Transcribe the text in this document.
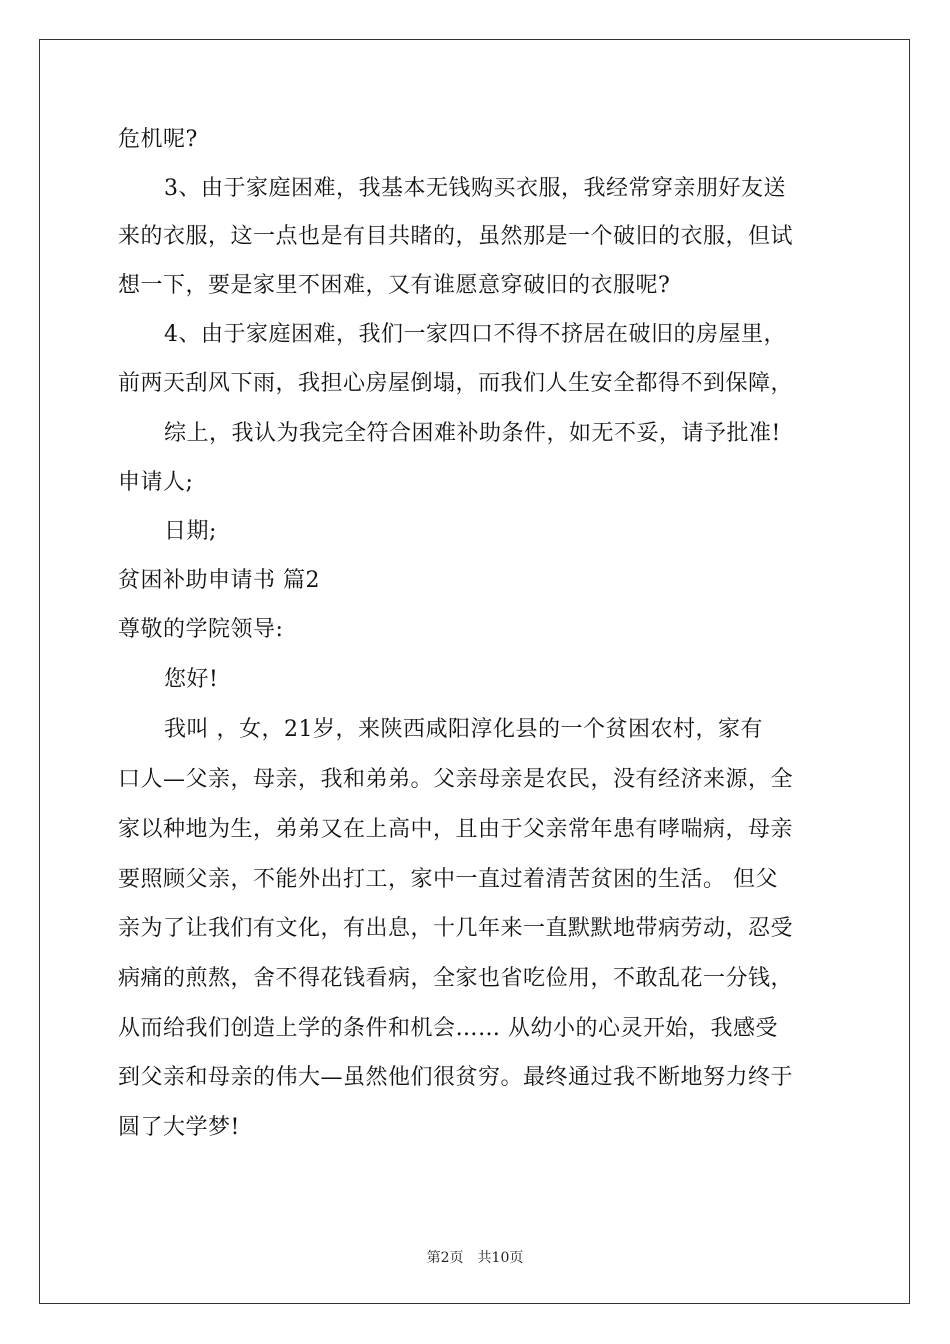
危机呢?
3、由于家庭困难，我基本无钱购买衣服，我经常穿亲朋好友送
来的衣服，这一点也是有目共睹的，虽然那是一个破旧的衣服，但试
想一下，要是家里不困难，又有谁愿意穿破旧的衣服呢?
4、由于家庭困难，我们一家四口不得不挤居在破旧的房屋里，
前两天刮风下雨，我担心房屋倒塌，而我们人生安全都得不到保障，
综上，我认为我完全符合困难补助条件，如无不妥，请予批准!
申请人;
日期;
贫困补助申请书 篇2
尊敬的学院领导:
您好!
我叫 ，女，21岁，来陕西咸阳淳化县的一个贫困农村，家有
口人—父亲，母亲，我和弟弟。父亲母亲是农民，没有经济来源，全
家以种地为生，弟弟又在上高中，且由于父亲常年患有哮喘病，母亲
要照顾父亲，不能外出打工，家中一直过着清苦贫困的生活。 但父
亲为了让我们有文化，有出息，十几年来一直默默地带病劳动，忍受
病痛的煎熬，舍不得花钱看病，全家也省吃俭用，不敢乱花一分钱，
从而给我们创造上学的条件和机会…… 从幼小的心灵开始，我感受
到父亲和母亲的伟大—虽然他们很贫穷。最终通过我不断地努力终于
圆了大学梦!
第2页 共10页
